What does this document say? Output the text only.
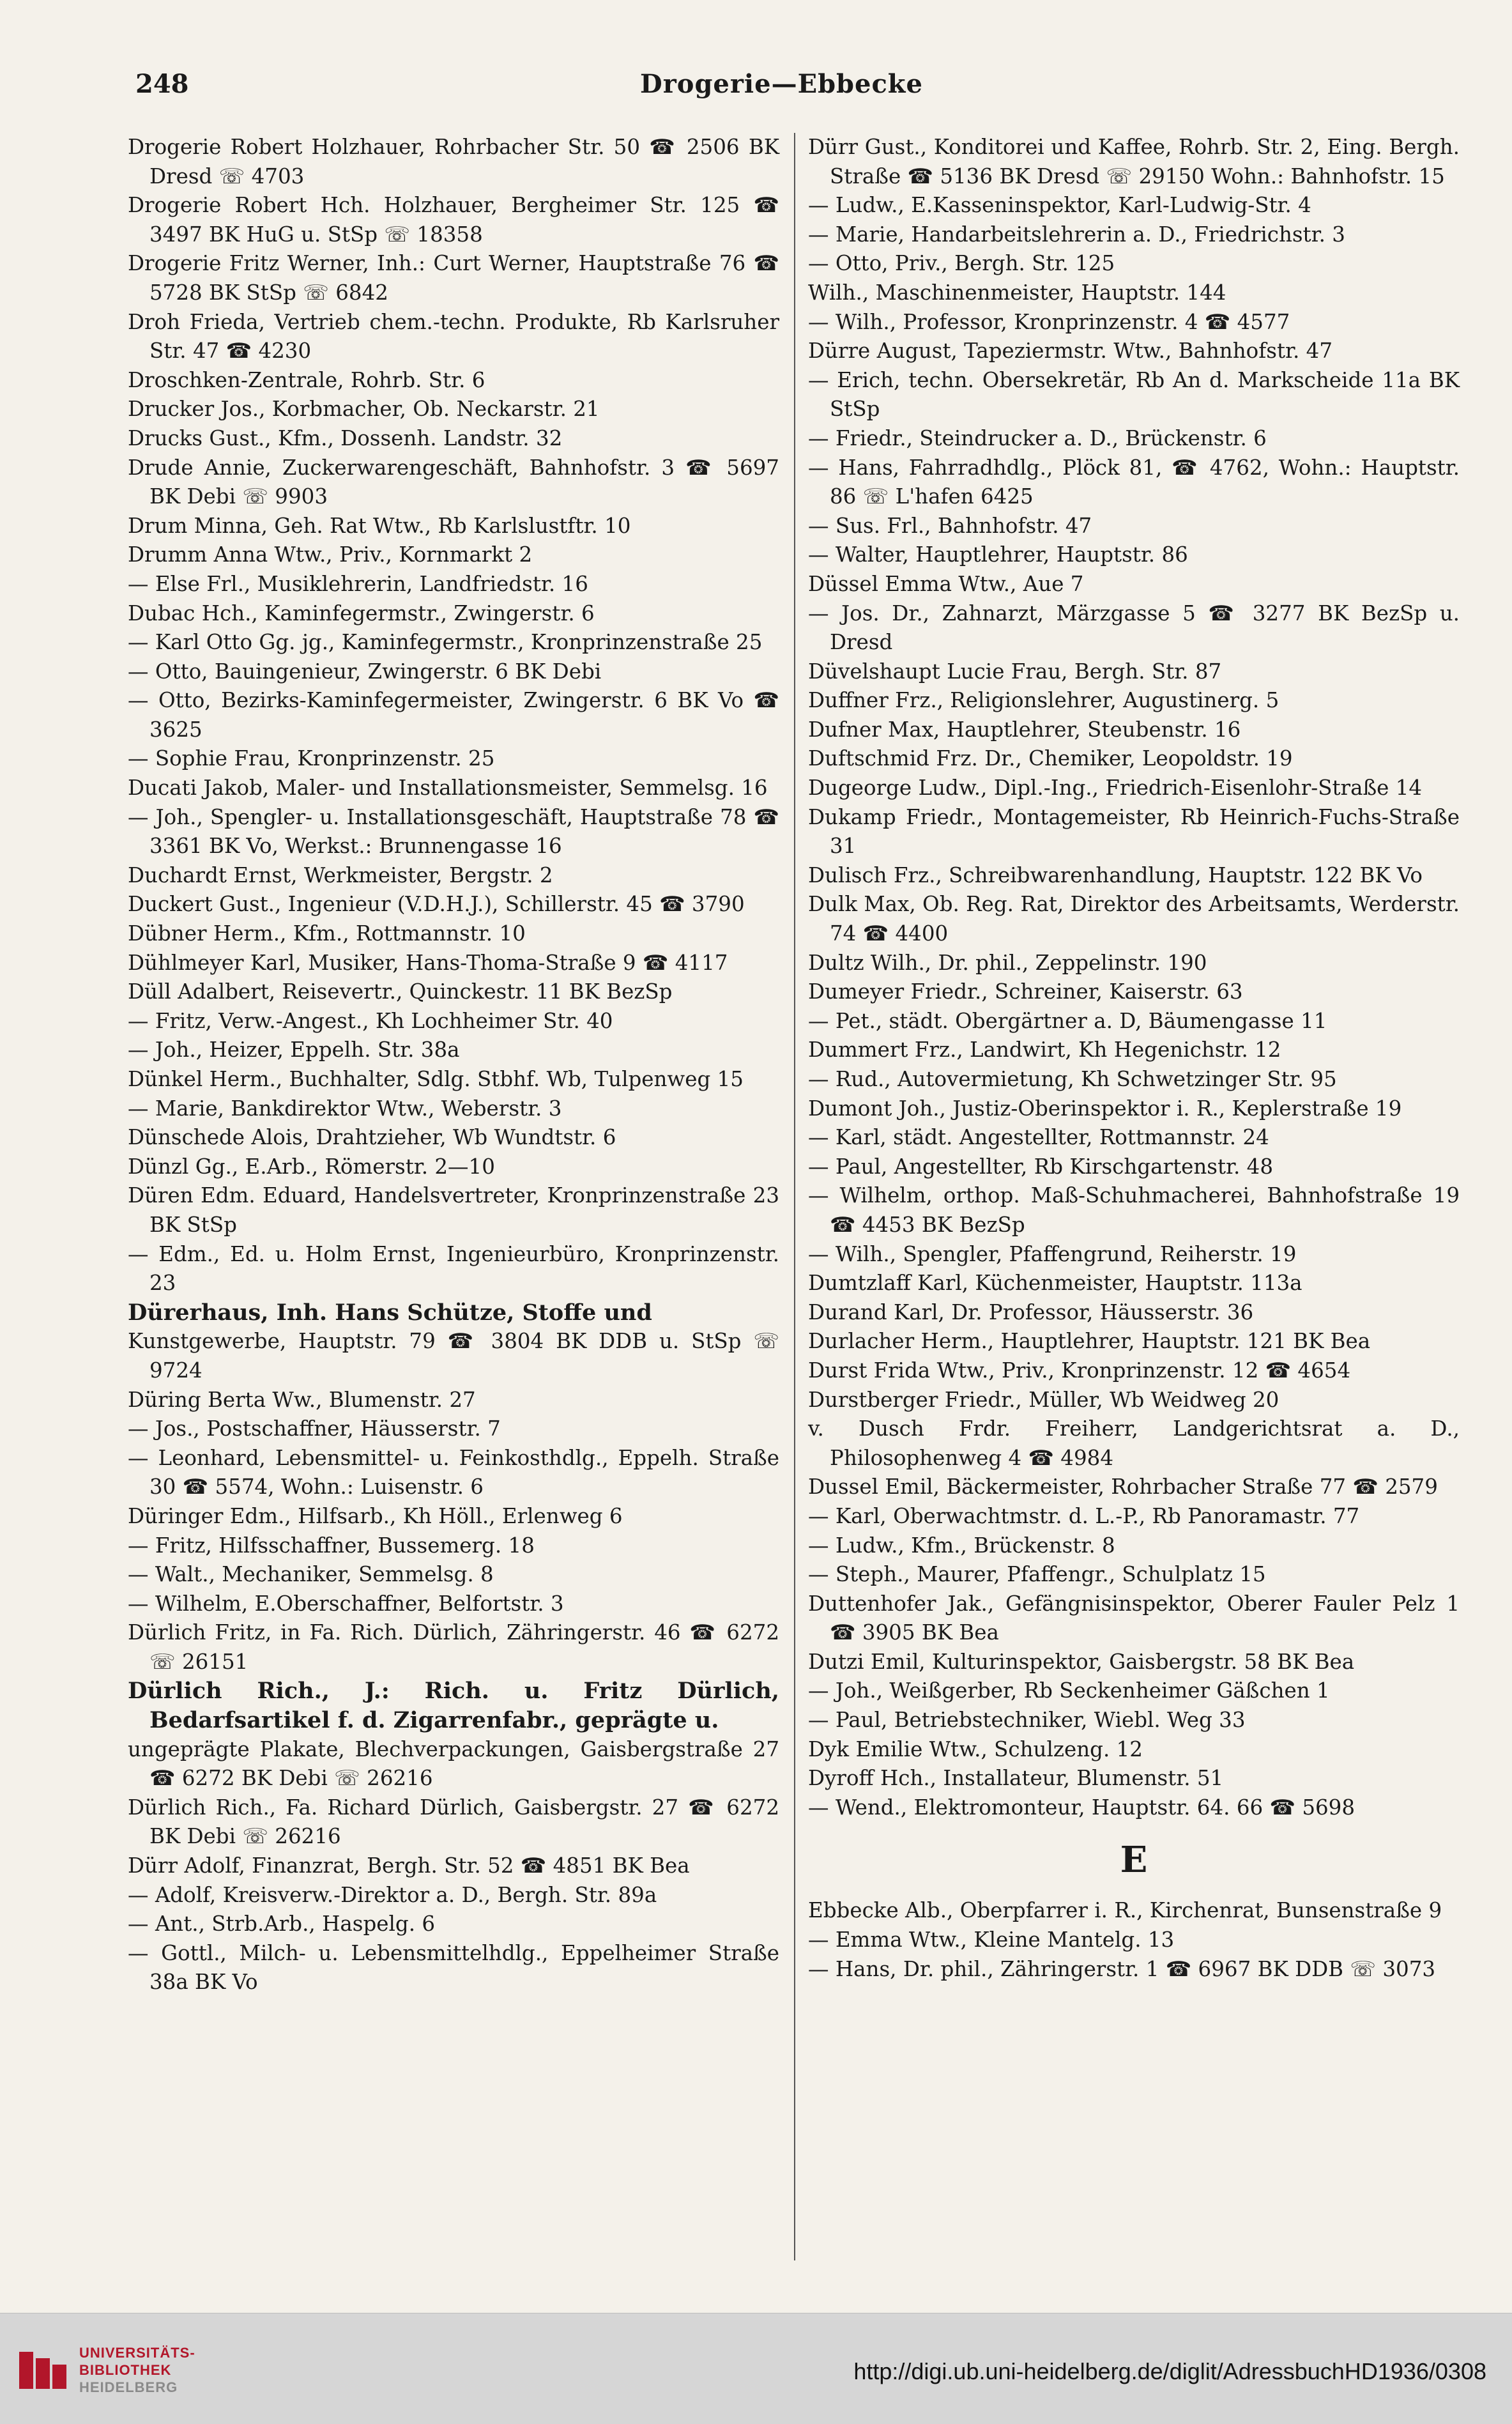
248	Drogerie—Ebbecke
Drogerie Robert Holzhauer, Rohrbacher Str. 50 ☎ 2506 BK Dresd ☏ 4703
Drogerie Robert Hch. Holzhauer, Bergheimer Str. 125 ☎ 3497 BK HuG u. StSp ☏ 18358
Drogerie Fritz Werner, Inh.: Curt Werner, Hauptstraße 76 ☎ 5728 BK StSp ☏ 6842
Droh Frieda, Vertrieb chem.-techn. Produkte, Rb Karlsruher Str. 47 ☎ 4230
Droschken-Zentrale, Rohrb. Str. 6
Drucker Jos., Korbmacher, Ob. Neckarstr. 21
Drucks Gust., Kfm., Dossenh. Landstr. 32
Drude Annie, Zuckerwarengeschäft, Bahnhofstr. 3 ☎ 5697 BK Debi ☏ 9903
Drum Minna, Geh. Rat Wtw., Rb Karlslustftr. 10
Drumm Anna Wtw., Priv., Kornmarkt 2
— Else Frl., Musiklehrerin, Landfriedstr. 16
Dubac Hch., Kaminfegermstr., Zwingerstr. 6
— Karl Otto Gg. jg., Kaminfegermstr., Kronprinzenstraße 25
— Otto, Bauingenieur, Zwingerstr. 6 BK Debi
— Otto, Bezirks-Kaminfegermeister, Zwingerstr. 6 BK Vo ☎ 3625
— Sophie Frau, Kronprinzenstr. 25
Ducati Jakob, Maler- und Installationsmeister, Semmelsg. 16
— Joh., Spengler- u. Installationsgeschäft, Hauptstraße 78 ☎ 3361 BK Vo, Werkst.: Brunnengasse 16
Duchardt Ernst, Werkmeister, Bergstr. 2
Duckert Gust., Ingenieur (V.D.H.J.), Schillerstr. 45 ☎ 3790
Dübner Herm., Kfm., Rottmannstr. 10
Dühlmeyer Karl, Musiker, Hans-Thoma-Straße 9 ☎ 4117
Düll Adalbert, Reisevertr., Quinckestr. 11 BK BezSp
— Fritz, Verw.-Angest., Kh Lochheimer Str. 40
— Joh., Heizer, Eppelh. Str. 38a
Dünkel Herm., Buchhalter, Sdlg. Stbhf. Wb, Tulpenweg 15
— Marie, Bankdirektor Wtw., Weberstr. 3
Dünschede Alois, Drahtzieher, Wb Wundtstr. 6
Dünzl Gg., E.Arb., Römerstr. 2—10
Düren Edm. Eduard, Handelsvertreter, Kronprinzenstraße 23 BK StSp
— Edm., Ed. u. Holm Ernst, Ingenieurbüro, Kronprinzenstr. 23
Dürerhaus, Inh. Hans Schütze, Stoffe und
Kunstgewerbe, Hauptstr. 79 ☎ 3804 BK DDB u. StSp ☏ 9724
Düring Berta Ww., Blumenstr. 27
— Jos., Postschaffner, Häusserstr. 7
— Leonhard, Lebensmittel- u. Feinkosthdlg., Eppelh. Straße 30 ☎ 5574, Wohn.: Luisenstr. 6
Düringer Edm., Hilfsarb., Kh Höll., Erlenweg 6
— Fritz, Hilfsschaffner, Bussemerg. 18
— Walt., Mechaniker, Semmelsg. 8
— Wilhelm, E.Oberschaffner, Belfortstr. 3
Dürlich Fritz, in Fa. Rich. Dürlich, Zähringerstr. 46 ☎ 6272 ☏ 26151
Dürlich Rich., J.: Rich. u. Fritz Dürlich, Bedarfsartikel f. d. Zigarrenfabr., geprägte u.
ungeprägte Plakate, Blechverpackungen, Gaisbergstraße 27 ☎ 6272 BK Debi ☏ 26216
Dürlich Rich., Fa. Richard Dürlich, Gaisbergstr. 27 ☎ 6272 BK Debi ☏ 26216
Dürr Adolf, Finanzrat, Bergh. Str. 52 ☎ 4851 BK Bea
— Adolf, Kreisverw.-Direktor a. D., Bergh. Str. 89a
— Ant., Strb.Arb., Haspelg. 6
— Gottl., Milch- u. Lebensmittelhdlg., Eppelheimer Straße 38a BK Vo
Dürr Gust., Konditorei und Kaffee, Rohrb. Str. 2, Eing. Bergh. Straße ☎ 5136 BK Dresd ☏ 29150 Wohn.: Bahnhofstr. 15
— Ludw., E.Kasseninspektor, Karl-Ludwig-Str. 4
— Marie, Handarbeitslehrerin a. D., Friedrichstr. 3
— Otto, Priv., Bergh. Str. 125
Wilh., Maschinenmeister, Hauptstr. 144
— Wilh., Professor, Kronprinzenstr. 4 ☎ 4577
Dürre August, Tapeziermstr. Wtw., Bahnhofstr. 47
— Erich, techn. Obersekretär, Rb An d. Markscheide 11a BK StSp
— Friedr., Steindrucker a. D., Brückenstr. 6
— Hans, Fahrradhdlg., Plöck 81, ☎ 4762, Wohn.: Hauptstr. 86 ☏ L'hafen 6425
— Sus. Frl., Bahnhofstr. 47
— Walter, Hauptlehrer, Hauptstr. 86
Düssel Emma Wtw., Aue 7
— Jos. Dr., Zahnarzt, Märzgasse 5 ☎ 3277 BK BezSp u. Dresd
Düvelshaupt Lucie Frau, Bergh. Str. 87
Duffner Frz., Religionslehrer, Augustinerg. 5
Dufner Max, Hauptlehrer, Steubenstr. 16
Duftschmid Frz. Dr., Chemiker, Leopoldstr. 19
Dugeorge Ludw., Dipl.-Ing., Friedrich-Eisenlohr-Straße 14
Dukamp Friedr., Montagemeister, Rb Heinrich-Fuchs-Straße 31
Dulisch Frz., Schreibwarenhandlung, Hauptstr. 122 BK Vo
Dulk Max, Ob. Reg. Rat, Direktor des Arbeitsamts, Werderstr. 74 ☎ 4400
Dultz Wilh., Dr. phil., Zeppelinstr. 190
Dumeyer Friedr., Schreiner, Kaiserstr. 63
— Pet., städt. Obergärtner a. D, Bäumengasse 11
Dummert Frz., Landwirt, Kh Hegenichstr. 12
— Rud., Autovermietung, Kh Schwetzinger Str. 95
Dumont Joh., Justiz-Oberinspektor i. R., Keplerstraße 19
— Karl, städt. Angestellter, Rottmannstr. 24
— Paul, Angestellter, Rb Kirschgartenstr. 48
— Wilhelm, orthop. Maß-Schuhmacherei, Bahnhofstraße 19 ☎ 4453 BK BezSp
— Wilh., Spengler, Pfaffengrund, Reiherstr. 19
Dumtzlaff Karl, Küchenmeister, Hauptstr. 113a
Durand Karl, Dr. Professor, Häusserstr. 36
Durlacher Herm., Hauptlehrer, Hauptstr. 121 BK Bea
Durst Frida Wtw., Priv., Kronprinzenstr. 12 ☎ 4654
Durstberger Friedr., Müller, Wb Weidweg 20
v. Dusch Frdr. Freiherr, Landgerichtsrat a. D., Philosophenweg 4 ☎ 4984
Dussel Emil, Bäckermeister, Rohrbacher Straße 77 ☎ 2579
— Karl, Oberwachtmstr. d. L.-P., Rb Panoramastr. 77
— Ludw., Kfm., Brückenstr. 8
— Steph., Maurer, Pfaffengr., Schulplatz 15
Duttenhofer Jak., Gefängnisinspektor, Oberer Fauler Pelz 1 ☎ 3905 BK Bea
Dutzi Emil, Kulturinspektor, Gaisbergstr. 58 BK Bea
— Joh., Weißgerber, Rb Seckenheimer Gäßchen 1
— Paul, Betriebstechniker, Wiebl. Weg 33
Dyk Emilie Wtw., Schulzeng. 12
Dyroff Hch., Installateur, Blumenstr. 51
— Wend., Elektromonteur, Hauptstr. 64. 66 ☎ 5698
E
Ebbecke Alb., Oberpfarrer i. R., Kirchenrat, Bunsenstraße 9
— Emma Wtw., Kleine Mantelg. 13
— Hans, Dr. phil., Zähringerstr. 1 ☎ 6967 BK DDB ☏ 3073
UNIVERSITÄTS-
BIBLIOTHEK
HEIDELBERG
http://digi.ub.uni-heidelberg.de/diglit/AdressbuchHD1936/0308
